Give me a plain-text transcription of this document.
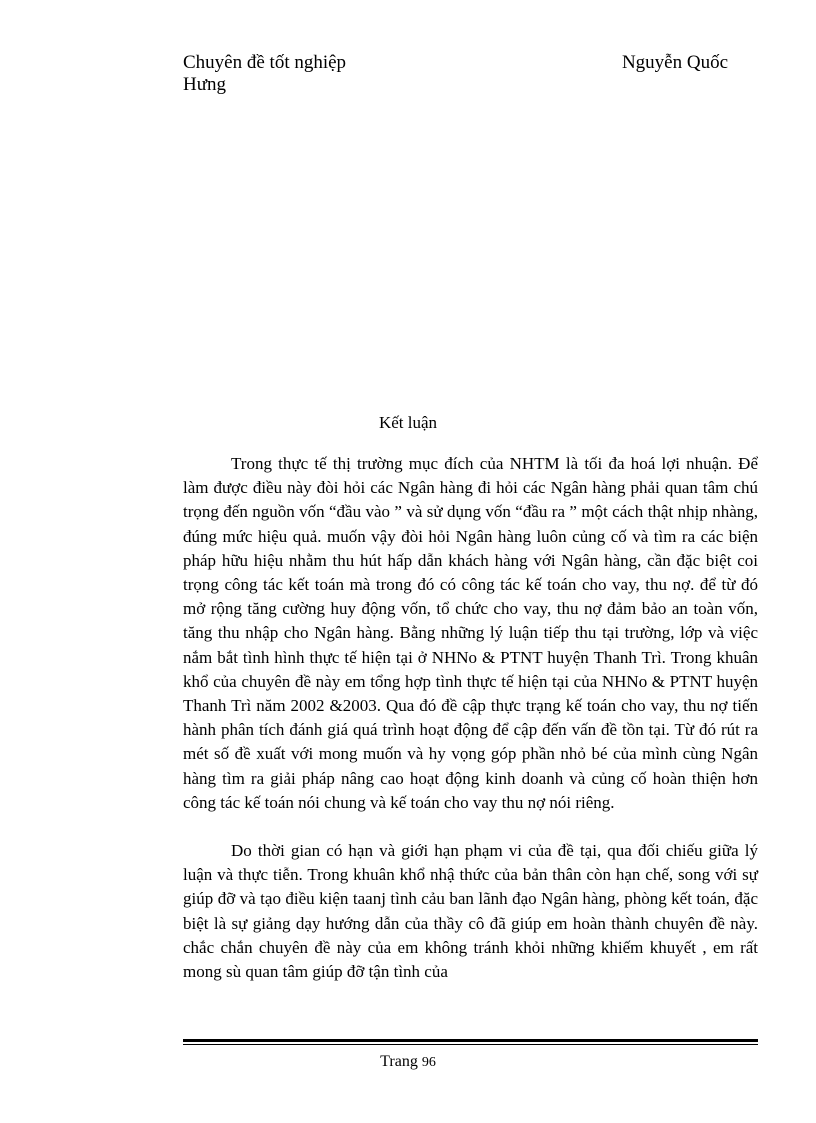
Chuyên đề tốt nghiệp	Nguyễn Quốc
Hưng
Kết luận

Trong thực tế thị trường mục đích của NHTM là tối đa hoá lợi nhuận. Để làm được điều này đòi hỏi các Ngân hàng đi hỏi các Ngân hàng phải quan tâm chú trọng đến nguồn vốn “đầu vào ” và sử dụng vốn “đầu ra ” một cách thật nhịp nhàng, đúng mức hiệu quả. muốn vậy đòi hỏi Ngân hàng luôn củng cố và tìm ra các biện pháp hữu hiệu nhằm thu hút hấp dẫn khách hàng với Ngân hàng, cần đặc biệt coi trọng công tác kết toán mà trong đó có công tác kế toán cho vay, thu nợ. để từ đó mở rộng tăng cường huy động vốn, tổ chức cho vay, thu nợ đảm bảo an toàn vốn, tăng thu nhập cho Ngân hàng. Bằng những lý luận tiếp thu tại trường, lớp và việc nắm bắt tình hình thực tế hiện tại ở NHNo & PTNT huyện Thanh Trì. Trong khuân khổ của chuyên đề này em tổng hợp tình thực tế hiện tại của NHNo & PTNT huyện Thanh Trì năm 2002 &2003. Qua đó đề cập thực trạng kế toán cho vay, thu nợ tiến hành phân tích đánh giá quá trình hoạt động để cập đến vấn đề tồn tại. Từ đó rút ra mét số đề xuất với mong muốn và hy vọng góp phần nhỏ bé của mình cùng Ngân hàng tìm ra giải pháp nâng cao hoạt động kinh doanh và củng cố hoàn thiện hơn công tác kế toán nói chung và kế toán cho vay thu nợ nói riêng.

Do thời gian có hạn và giới hạn phạm vi của đề tại, qua đối chiếu giữa lý luận và thực tiễn. Trong khuân khổ nhậ thức của bản thân còn hạn chế, song với sự giúp đỡ và tạo điều kiện taanj tình cảu ban lãnh đạo Ngân hàng, phòng kết toán, đặc biệt là sự giảng dạy hướng dẫn của thầy cô đã giúp em hoàn thành chuyên đề này. chắc chắn chuyên đề này của em không tránh khỏi những khiếm khuyết , em rất mong sù quan tâm giúp đỡ tận tình của

Trang 96
